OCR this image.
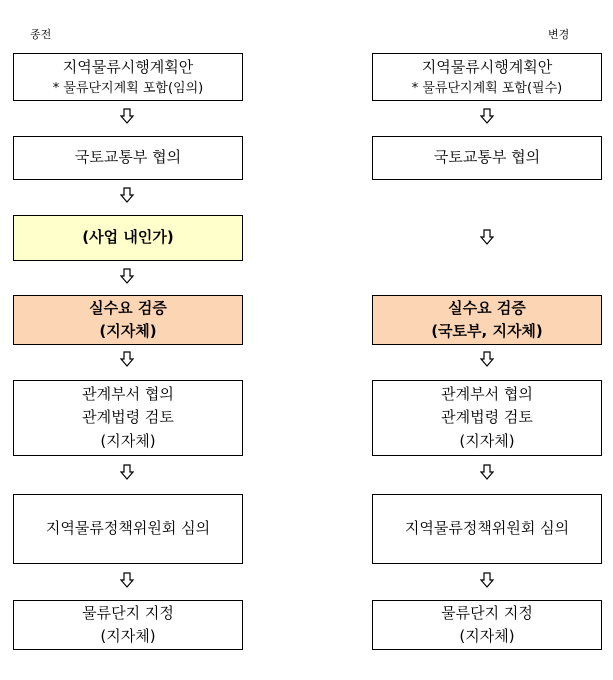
종전	변경
지역물류시행계획안
* 물류단지계획 포함(임의)
국토교통부 협의
(사업 내인가)
실수요 검증
(지자체)
관계부서 협의
관계법령 검토
(지자체)
지역물류정책위원회 심의
물류단지 지정
(지자체)
지역물류시행계획안
* 물류단지계획 포함(필수)
국토교통부 협의
실수요 검증
(국토부, 지자체)
관계부서 협의
관계법령 검토
(지자체)
지역물류정책위원회 심의
물류단지 지정
(지자체)
